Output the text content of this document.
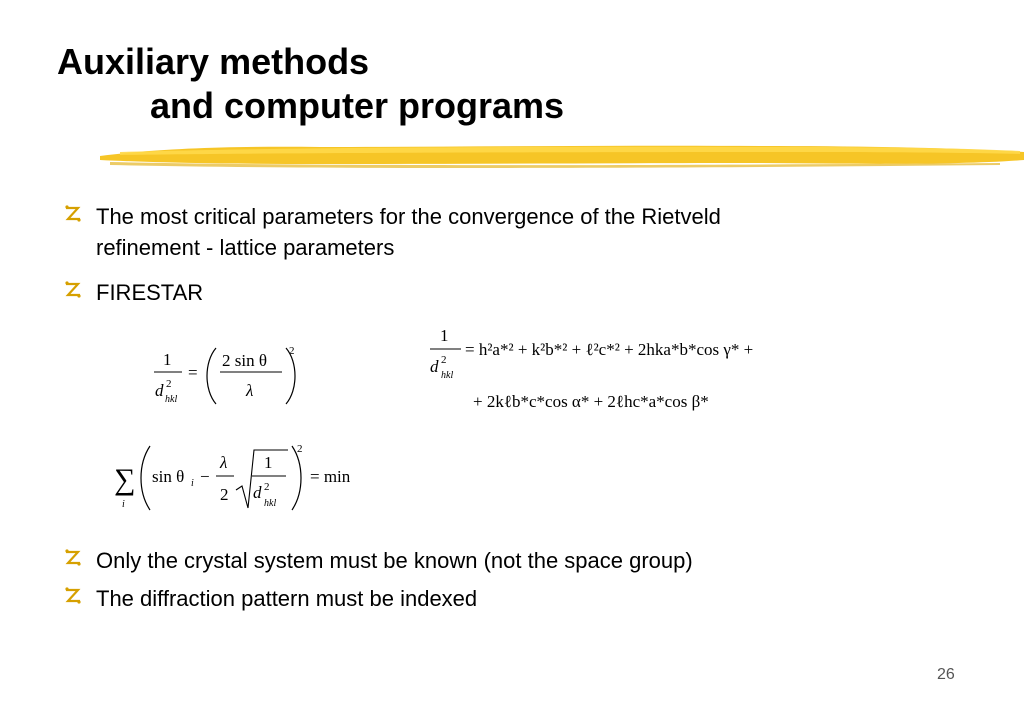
Auxiliary methods
and computer programs
The most critical parameters for the convergence of the Rietveld
refinement - lattice parameters
FIRESTAR
Only the crystal system must be known (not the space group)
The diffraction pattern must be indexed
1
d 2
hkl
=
2 sin θ
λ
2
1
d 2
hkl
= h²a*² + k²b*² + ℓ²c*² + 2hka*b*cos γ* +
+ 2kℓb*c*cos α* + 2ℓhc*a*cos β*
∑
i
sin θ i −
λ
2
1
d 2
hkl
2
= min
26
